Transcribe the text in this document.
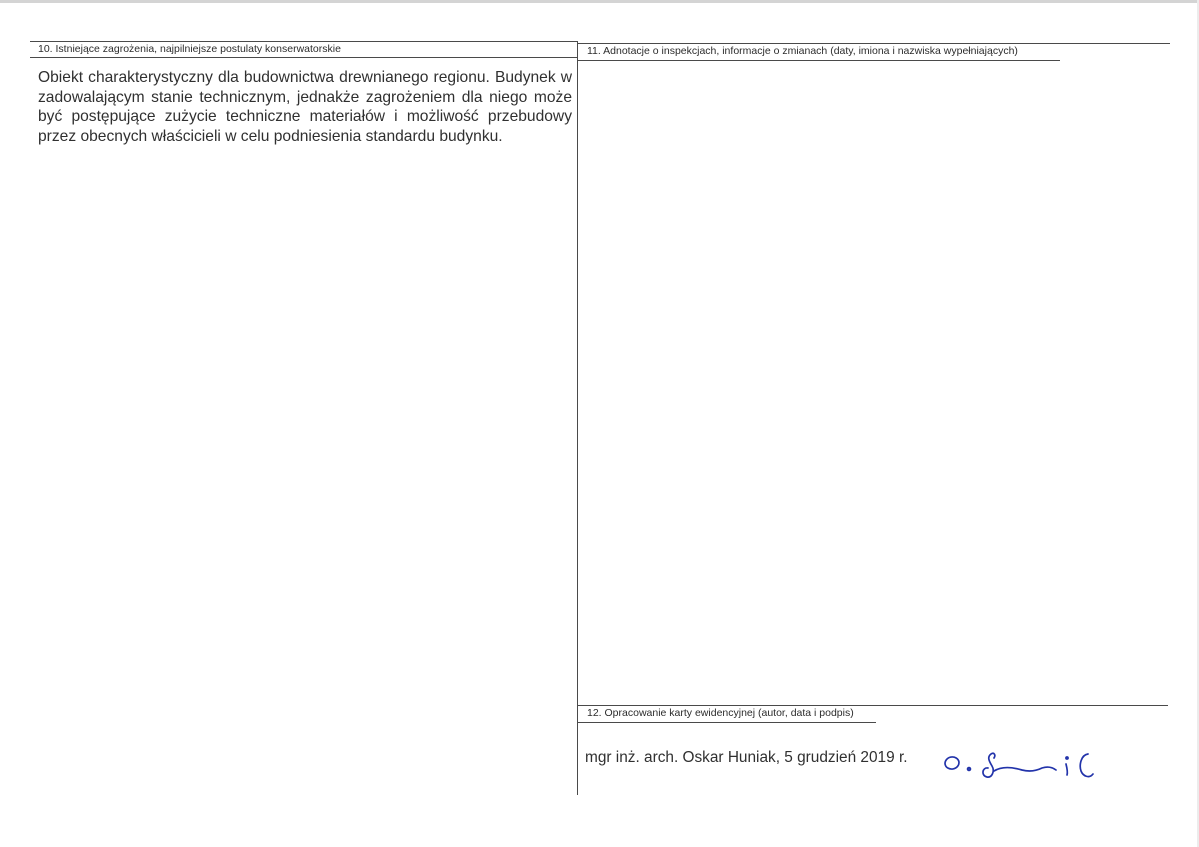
10. Istniejące zagrożenia, najpilniejsze postulaty konserwatorskie

Obiekt charakterystyczny dla budownictwa drewnianego regionu. Budynek w zadowalającym stanie technicznym, jednakże zagrożeniem dla niego może być postępujące zużycie techniczne materiałów i możliwość przebudowy przez obecnych właścicieli w celu podniesienia standardu budynku.

11. Adnotacje o inspekcjach, informacje o zmianach (daty, imiona i nazwiska wypełniających)
12. Opracowanie karty ewidencyjnej (autor, data i podpis)
mgr inż. arch. Oskar Huniak, 5 grudzień 2019 r.
